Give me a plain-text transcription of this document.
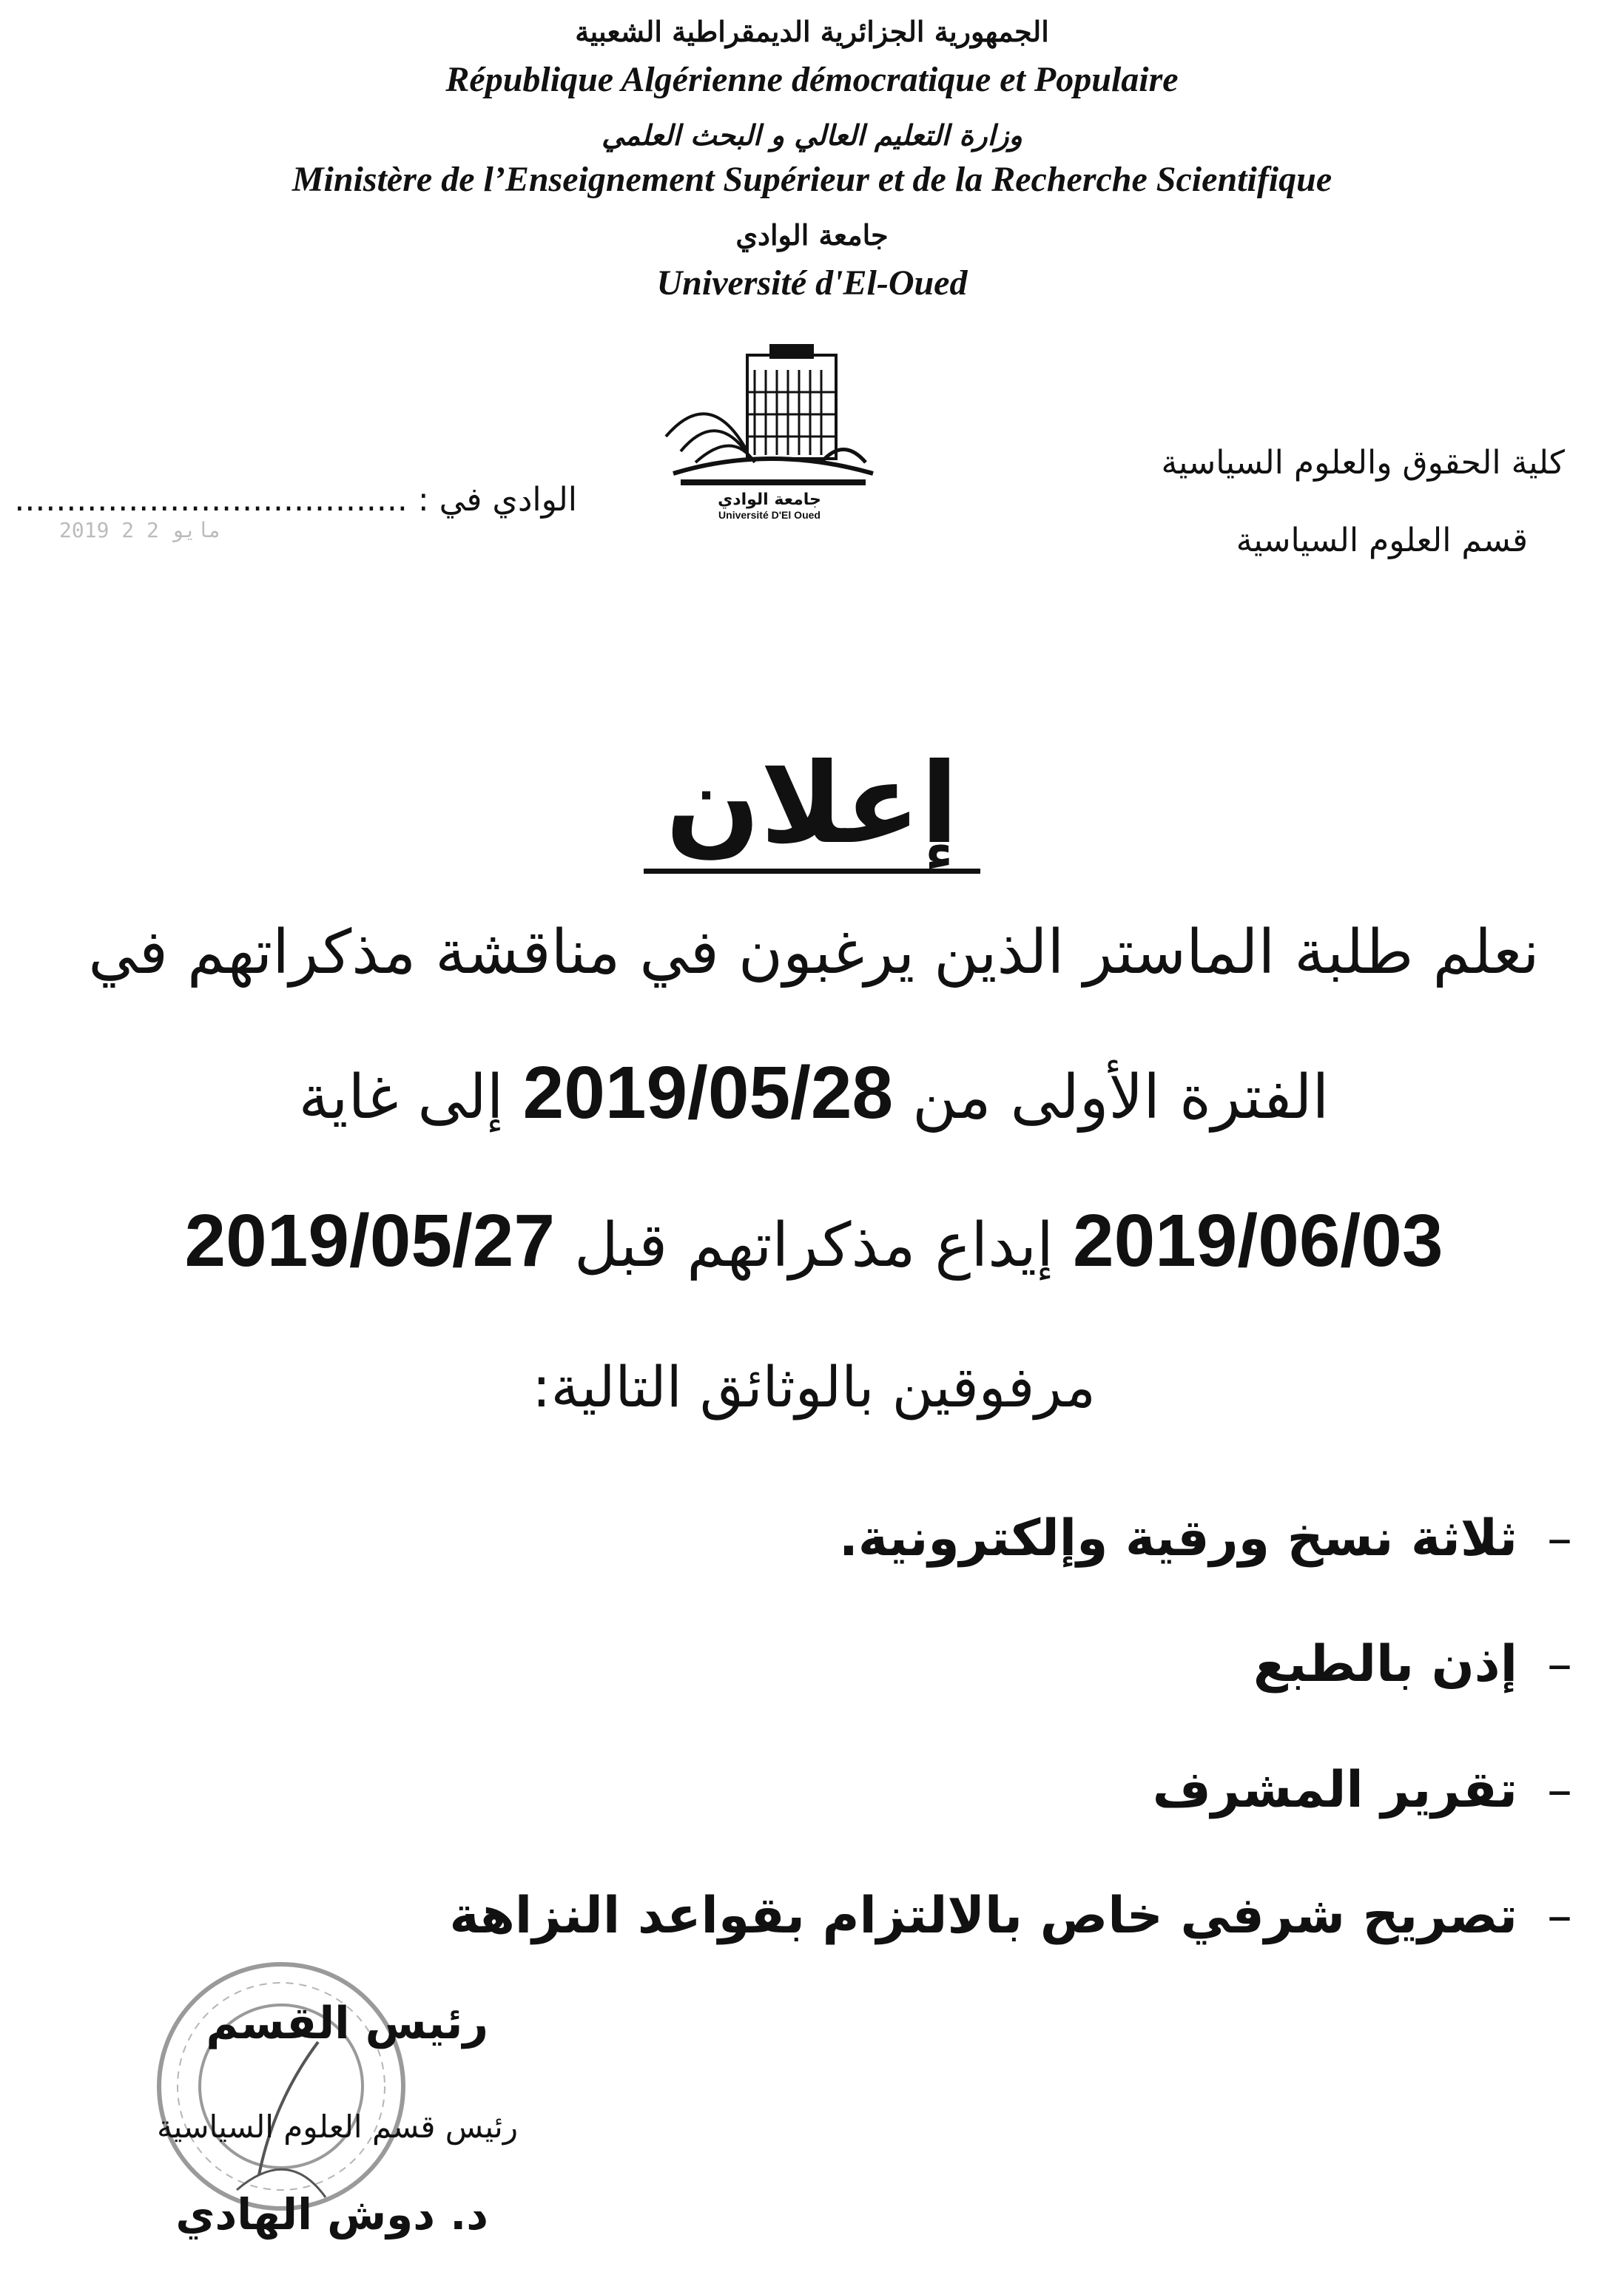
الجمهورية الجزائرية الديمقراطية الشعبية
République Algérienne démocratique et Populaire
وزارة التعليم العالي و البحث العلمي
Ministère de l’Enseignement Supérieur et de la Recherche Scientifique
جامعة الوادي
Université d'El-Oued
جامعة الوادي
Université D'El Oued
كلية الحقوق والعلوم السياسية
قسم العلوم السياسية
الوادي في : ......................................
2019 مايو 2 2
إعلان
نعلم طلبة الماستر الذين يرغبون في مناقشة مذكراتهم في
الفترة الأولى من 2019/05/28 إلى غاية
2019/06/03 إيداع مذكراتهم قبل 2019/05/27
مرفوقين بالوثائق التالية:
–ثلاثة نسخ ورقية وإلكترونية.
–إذن بالطبع
–تقرير المشرف
–تصريح شرفي خاص بالالتزام بقواعد النزاهة
رئيس القسم
رئيس قسم العلوم السياسية
د. دوش الهادي
